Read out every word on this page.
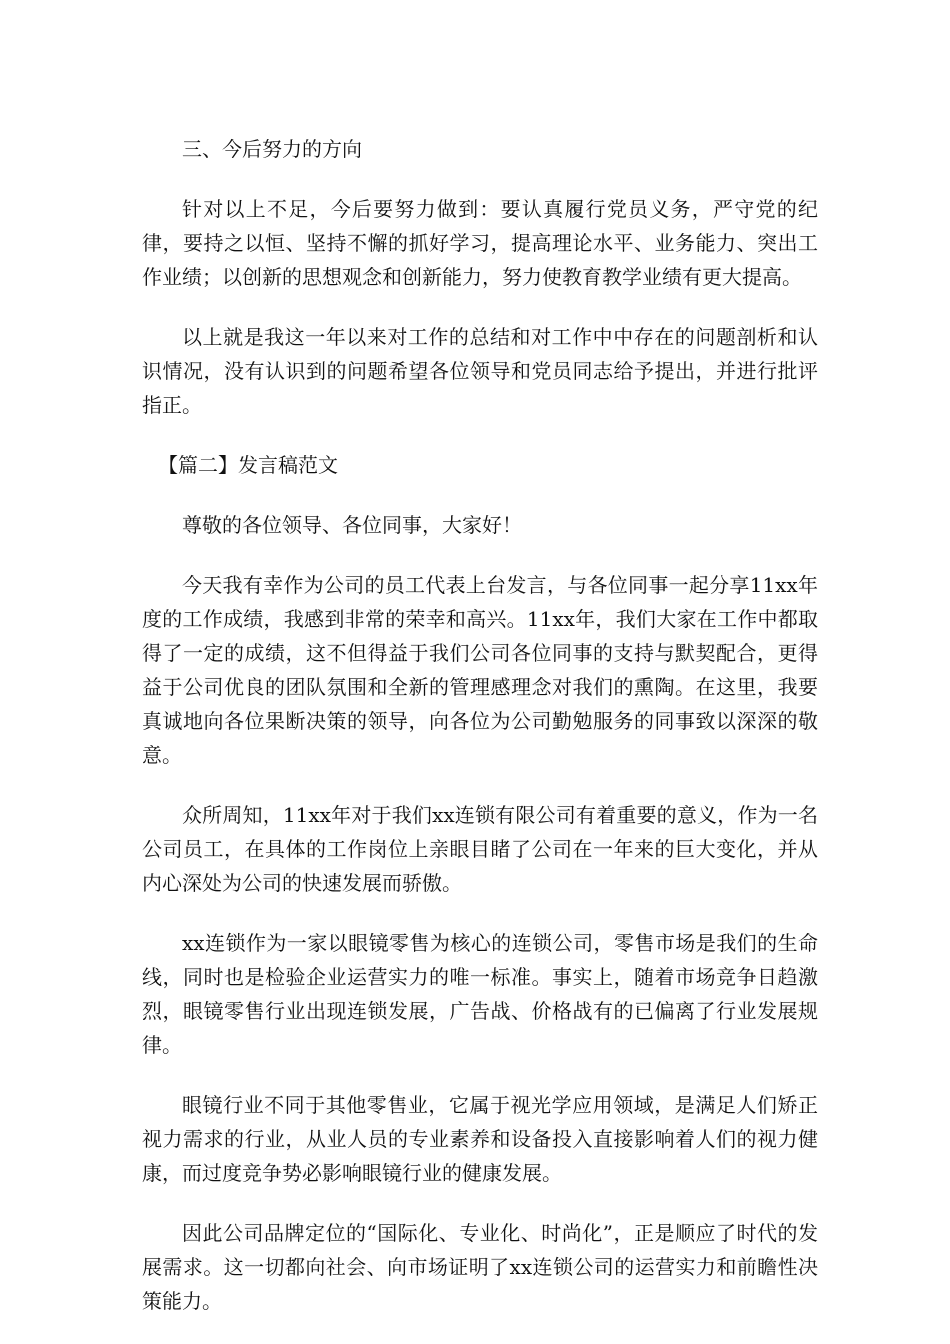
三、今后努力的方向

针对以上不足，今后要努力做到：要认真履行党员义务，严守党的纪律，要持之以恒、坚持不懈的抓好学习，提高理论水平、业务能力、突出工作业绩；以创新的思想观念和创新能力，努力使教育教学业绩有更大提高。

以上就是我这一年以来对工作的总结和对工作中中存在的问题剖析和认识情况，没有认识到的问题希望各位领导和党员同志给予提出，并进行批评指正。

【篇二】发言稿范文

尊敬的各位领导、各位同事，大家好！

今天我有幸作为公司的员工代表上台发言，与各位同事一起分享11xx年度的工作成绩，我感到非常的荣幸和高兴。11xx年，我们大家在工作中都取得了一定的成绩，这不但得益于我们公司各位同事的支持与默契配合，更得益于公司优良的团队氛围和全新的管理感理念对我们的熏陶。在这里，我要真诚地向各位果断决策的领导，向各位为公司勤勉服务的同事致以深深的敬意。

众所周知，11xx年对于我们xx连锁有限公司有着重要的意义，作为一名公司员工，在具体的工作岗位上亲眼目睹了公司在一年来的巨大变化，并从内心深处为公司的快速发展而骄傲。

xx连锁作为一家以眼镜零售为核心的连锁公司，零售市场是我们的生命线，同时也是检验企业运营实力的唯一标准。事实上，随着市场竞争日趋激烈，眼镜零售行业出现连锁发展，广告战、价格战有的已偏离了行业发展规律。

眼镜行业不同于其他零售业，它属于视光学应用领域，是满足人们矫正视力需求的行业，从业人员的专业素养和设备投入直接影响着人们的视力健康，而过度竞争势必影响眼镜行业的健康发展。

因此公司品牌定位的“国际化、专业化、时尚化”，正是顺应了时代的发展需求。这一切都向社会、向市场证明了xx连锁公司的运营实力和前瞻性决策能力。
